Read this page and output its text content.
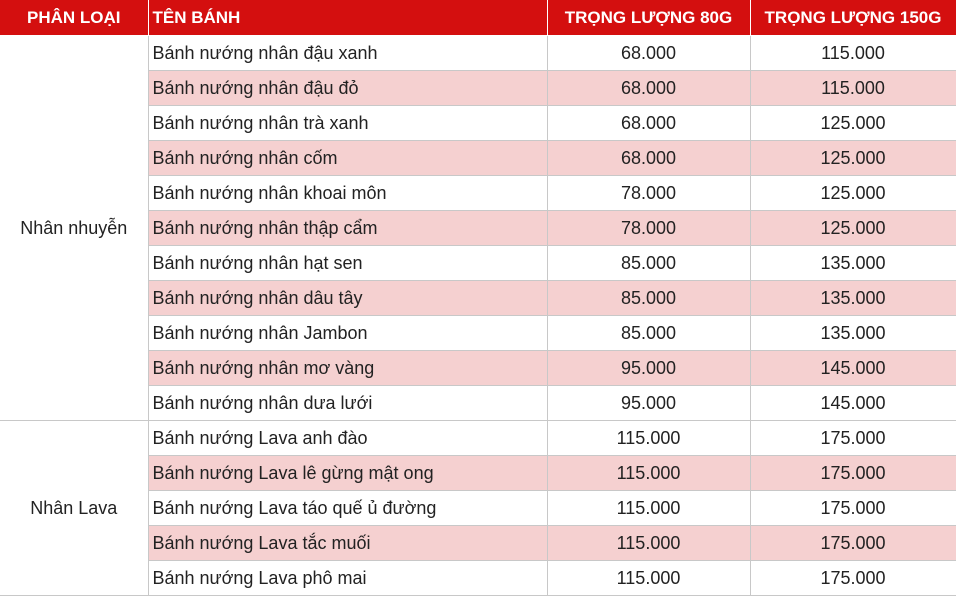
PHÂN LOẠI	TÊN BÁNH	TRỌNG LƯỢNG 80G	TRỌNG LƯỢNG 150G
Nhân nhuyễn	Bánh nướng nhân đậu xanh	68.000	115.000
	Bánh nướng nhân đậu đỏ	68.000	115.000
	Bánh nướng nhân trà xanh	68.000	125.000
	Bánh nướng nhân cốm	68.000	125.000
	Bánh nướng nhân khoai môn	78.000	125.000
	Bánh nướng nhân thập cẩm	78.000	125.000
	Bánh nướng nhân hạt sen	85.000	135.000
	Bánh nướng nhân dâu tây	85.000	135.000
	Bánh nướng nhân Jambon	85.000	135.000
	Bánh nướng nhân mơ vàng	95.000	145.000
	Bánh nướng nhân dưa lưới	95.000	145.000
Nhân Lava	Bánh nướng Lava anh đào	115.000	175.000
	Bánh nướng Lava lê gừng mật ong	115.000	175.000
	Bánh nướng Lava táo quế ủ đường	115.000	175.000
	Bánh nướng Lava tắc muối	115.000	175.000
	Bánh nướng Lava phô mai	115.000	175.000
